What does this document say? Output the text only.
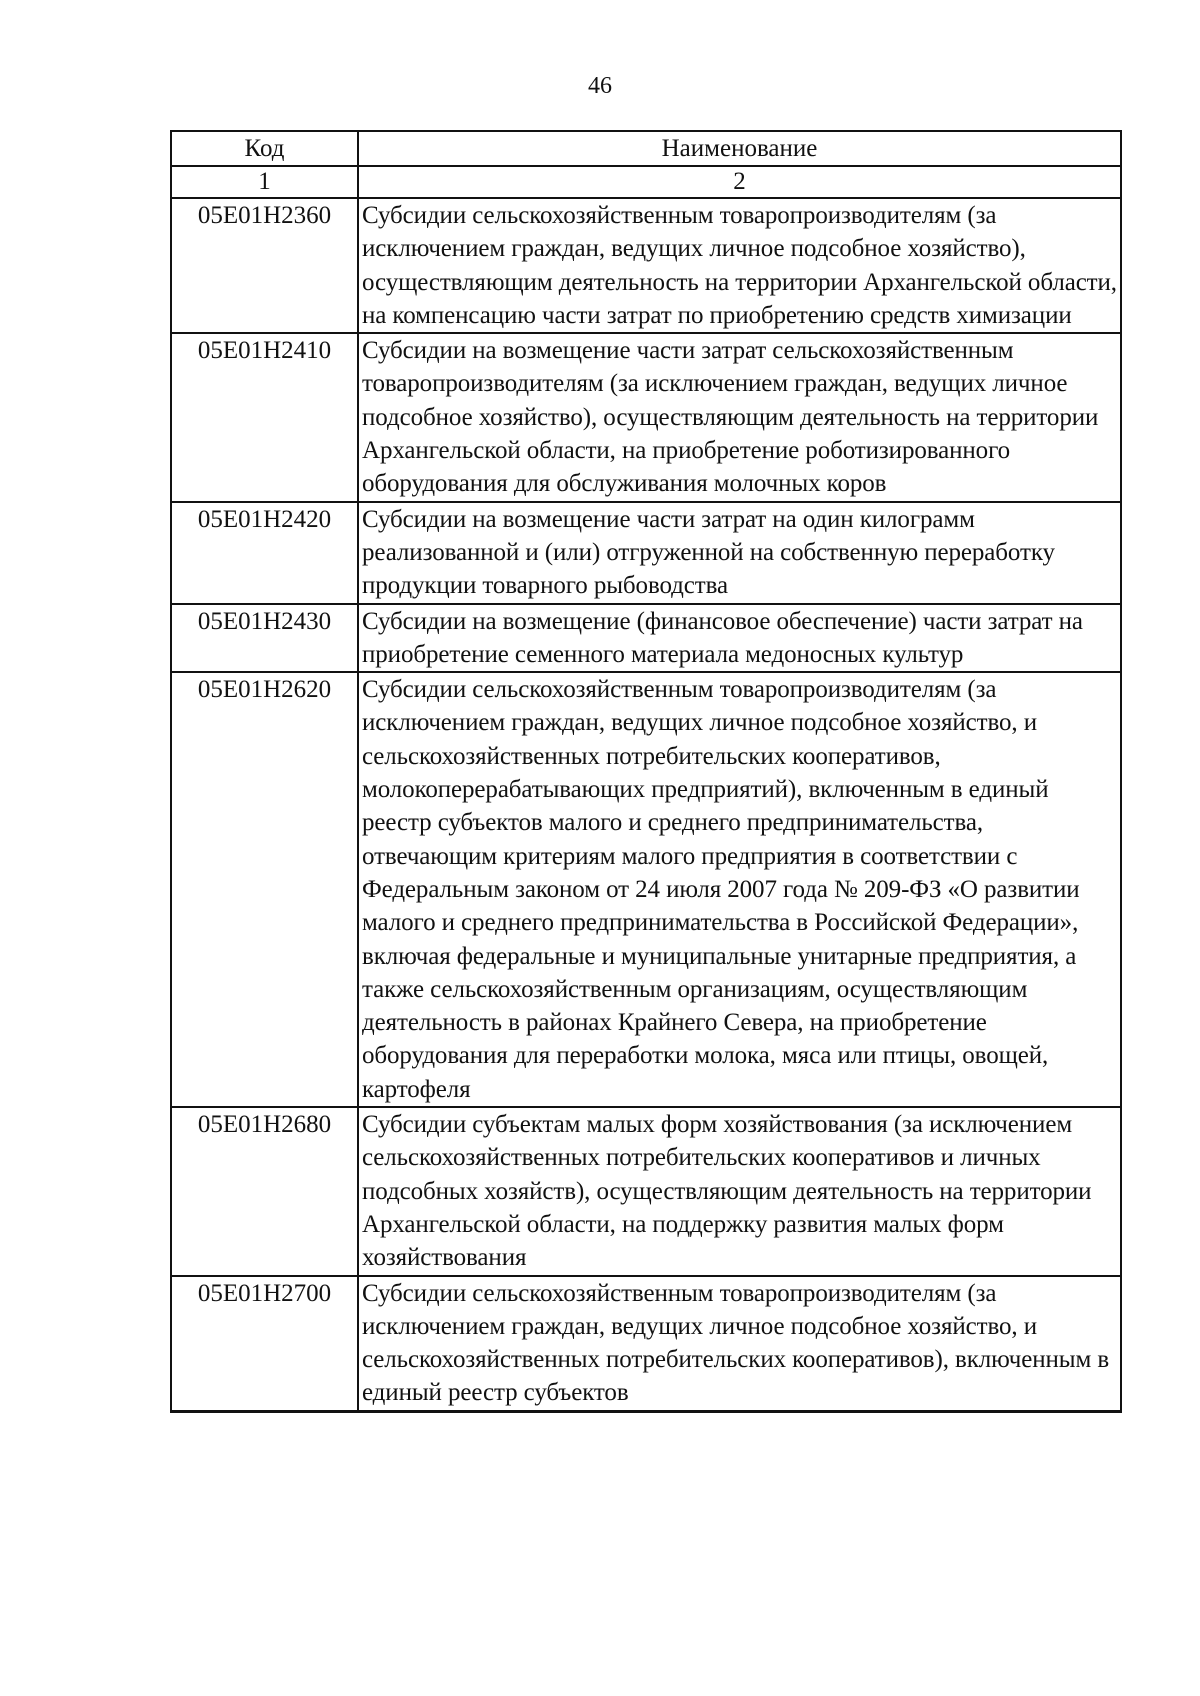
46
Код	Наименование
1	2
05E01H2360	Субсидии сельскохозяйственным товаропроизводителям (за исключением граждан, ведущих личное подсобное хозяйство), осуществляющим деятельность на территории Архангельской области, на компенсацию части затрат по приобретению средств химизации
05E01H2410	Субсидии на возмещение части затрат сельскохозяйственным товаропроизводителям (за исключением граждан, ведущих личное подсобное хозяйство), осуществляющим деятельность на территории Архангельской области, на приобретение роботизированного оборудования для обслуживания молочных коров
05E01H2420	Субсидии на возмещение части затрат на один килограмм реализованной и (или) отгруженной на собственную переработку продукции товарного рыбоводства
05E01H2430	Субсидии на возмещение (финансовое обеспечение) части затрат на приобретение семенного материала медоносных культур
05E01H2620	Субсидии сельскохозяйственным товаропроизводителям (за исключением граждан, ведущих личное подсобное хозяйство, и сельскохозяйственных потребительских кооперативов, молокоперерабатывающих предприятий), включенным в единый реестр субъектов малого и среднего предпринимательства, отвечающим критериям малого предприятия в соответствии с Федеральным законом от 24 июля 2007 года № 209-ФЗ «О развитии малого и среднего предпринимательства в Российской Федерации», включая федеральные и муниципальные унитарные предприятия, а также сельскохозяйственным организациям, осуществляющим деятельность в районах Крайнего Севера, на приобретение оборудования для переработки молока, мяса или птицы, овощей, картофеля
05E01H2680	Субсидии субъектам малых форм хозяйствования (за исключением сельскохозяйственных потребительских кооперативов и личных подсобных хозяйств), осуществляющим деятельность на территории Архангельской области, на поддержку развития малых форм хозяйствования
05E01H2700	Субсидии сельскохозяйственным товаропроизводителям (за исключением граждан, ведущих личное подсобное хозяйство, и сельскохозяйственных потребительских кооперативов), включенным в единый реестр субъектов
